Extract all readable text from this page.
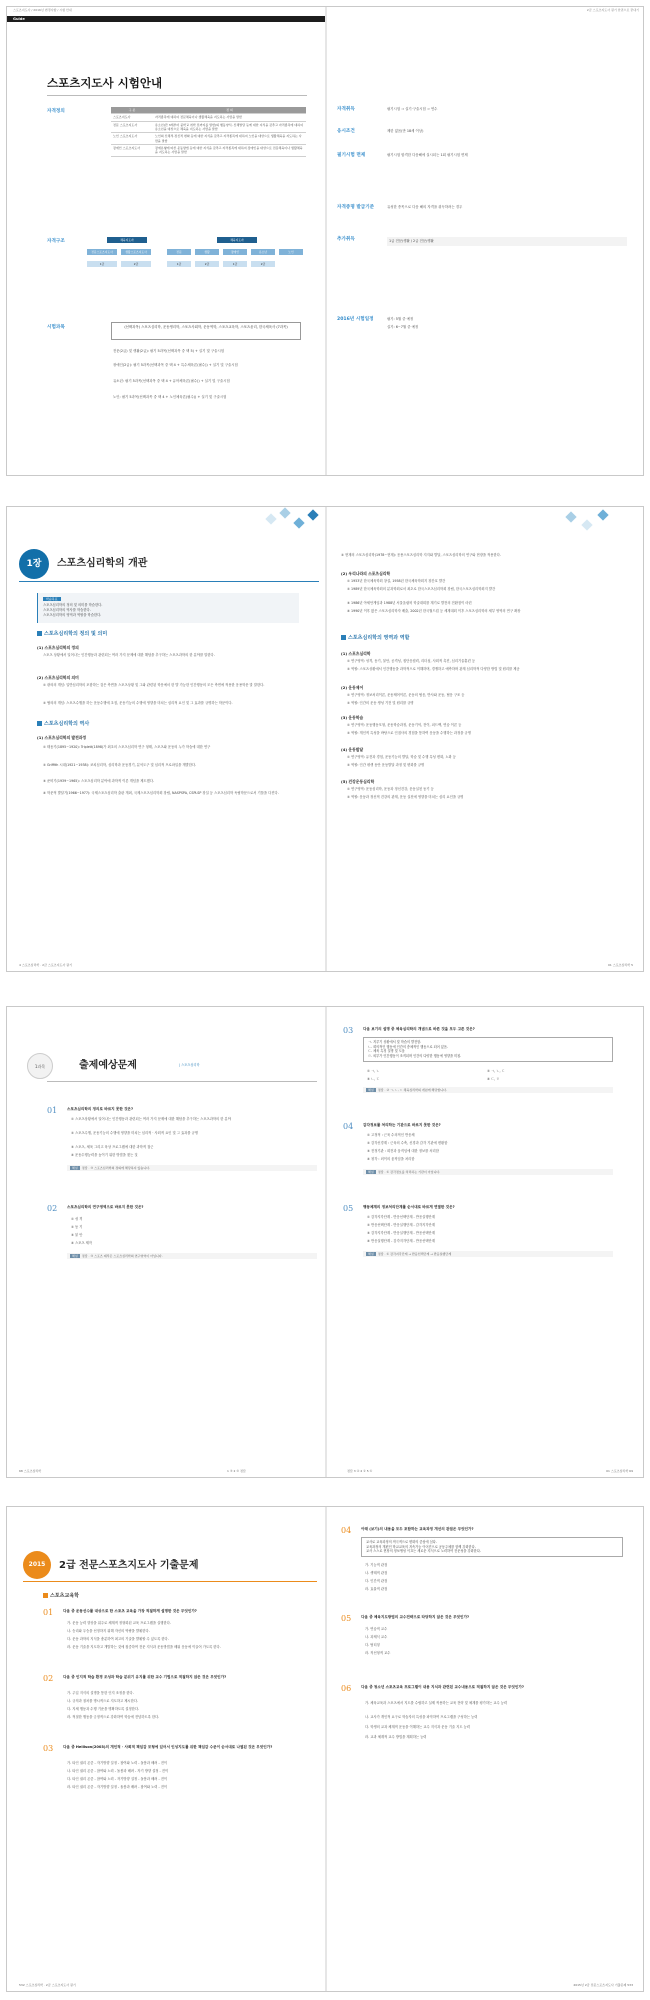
스포츠지도사 / 2016년 변경사항 / 시험 안내
Guide
스포츠지도사 시험안내
자격정의	구 분	정 의
스포츠지도사	자격종목에 대하여 전문체육이나 생활체육을 지도하는 사람을 말함
전문 스포츠지도사	유소년(만 3세부터 중학교 취학 전까지를 말함)의 행동양식, 신체발달 등에 대한 지식을 갖추고 자격종목에 대하여 유소년을 대상으로 체육을 지도하는 사람을 말함
노인 스포츠지도사	노인의 신체적·정신적 변화 등에 대한 지식을 갖추고 자격종목에 대하여 노인을 대상으로 생활체육을 지도하는 사람을 말함
장애인 스포츠지도사	장애유형에 따른 운동방법 등에 대한 지식을 갖추고 자격종목에 대하여 장애인을 대상으로 전문체육이나 생활체육을 지도하는 사람을 말함
자격구조	체육지도자	체육지도자
전문스포츠지도사	생활스포츠지도사	전문	생활	장애인	유소년	노인
1급	2급	1급	2급	1급	2급
시험과목	(선택과목) 스포츠심리학, 운동생리학, 스포츠사회학, 운동역학, 스포츠교육학, 스포츠윤리, 한국체육사 (7과목)
전문(2급) 및 생활(2급): 필기 5과목(선택과목 중 택 5) + 실기 및 구술시험
장애인(2급): 필기 5과목(선택과목 중 택 4 + 특수체육론(필수)) + 실기 및 구술시험
유소년: 필기 5과목(선택과목 중 택 4 + 유아체육론(필수)) + 실기 및 구술시험
노인: 필기 5과목(선택과목 중 택 4 + 노인체육론(필수)) + 실기 및 구술시험
2급 스포츠지도사 필기 한권으로 끝내기
자격취득	필기시험 ⇒ 실기·구술시험 ⇒ 연수
응시조건	제한 없음(만 18세 이상)
필기시험 면제	필기시험 합격한 다음해에 실시되는 1회 필기시험 면제
자격증명 발급기준	유성한 종목으로 다음 해의 자격을 취득하려는 경우
추가취득	1급 전문/생활 / 2급 전문/생활
2016년 시험일정	필기: 5월 중 예정
실기: 6~7월 중 예정
1장	스포츠심리학의 개관
학습목표
스포츠심리학의 정의 및 의미를 학습한다.
스포츠심리학의 역사를 학습한다.
스포츠심리학의 영역과 역할을 학습한다.
스포츠심리학의 정의 및 의미
(1) 스포츠심리학의 정의
스포츠 상황에서 일어나는 인간행동과 관련되는 여러 가지 문제에 대한 해답을 추구하는 스포츠과학의 한 분야를 말한다.
(2) 스포츠심리학의 의미
① 광의의 개념: 일반심리학의 포함하는 것은 측면을 스포츠상황 및 그와 관련된 학문에서 한 발 가능한 인간행동의 모든 측면에 적용한 응용학문 말 말한다.
② 협의의 개념: 스포츠수행을 하는 운동수행에 초점, 운동기능의 수행에 영향을 미치는 심리적 요인 및 그 효과를 규명하는 학문이다.
스포츠심리학의 역사
(1) 스포츠심리학의 발전과정
① 태동기(1895~1920): Triplett(1898)가 최초의 스포츠심리학 연구 형태, 스포츠와 운동의 누가 학습에 대한 연구
② Griffith 시대(1921~1938): 코치심리학, 심리학과 운동경기, 분석도구 및 심리적 프로파일을 개발한다.
③ 준비기(1939~1965): 스포츠심리학 분야에 과학적 이론 개념을 제도했다.
④ 학문적 발달기(1966~1977): 국제스포츠심리학 출판 개최, 국제스포츠심리학회 창립, NASPSPA, CSPLSP 창설 등 스포츠심리학 독립학문으로서 기틀을 다진다.
4 스포츠심리학 · 2급 스포츠지도사 필기
⑤ 현재의 스포츠심리학(1978~현재): 응용스포츠심리학 지지와 발달, 스포츠심리학의 연구와 현장을 적용한다.
(2) 우리나라의 스포츠심리학
① 1953년 한국체육학회 창설, 1958년 한국체육학회지 창간호 발간
② 1989년 한국체육학회의 분과학회로서 최초로 한국스포츠심리학회 창립, 한국스포츠심리학회지 발간
③ 1986년 아세안게임과 1988년 서울올림픽 학술대회를 계기로 발전의 전환점이 마련
④ 1990년 이후 많은 스포츠심리학자 배출, 2002년 한국월드컵 등 세계대회 이후 스포츠심리학의 세부 영역의 연구 확장
스포츠심리학의 영역과 역할
(1) 스포츠심리학
① 연구영역: 성격, 동기, 불안, 공격성, 집단응집력, 리더십, 사회적 촉진, 심리기술훈련 등
② 역할: 스포츠상황에서 인간행동을 과학적으로 이해하며, 경쟁하고 예측하며 관계 심리학적 다양한 방법 및 원리를 제공
(2) 운동제어
① 연구영역: 정보처리이론, 운동제어이론, 운동의 협응, 반사와 운동, 협응 구조 등
② 역할: 인간의 운동 생성 기전 및 원리를 규명
(3) 운동학습
① 연구영역: 운동행동모형, 운동학습과정, 운동기억, 전이, 피드백, 연습 이론 등
② 역할: 개인적 특성을 바탕으로 인접사의 경험을 통하여 운동을 수행하는 과정을 규명
(4) 운동발달
① 연구영역: 유전과 경험, 운동기능의 발달, 학습 및 수행 특성 변화, 노화 등
② 역할: 인간 평생 동안 운동발달 과정 및 변화를 규명
(5) 건강운동심리학
① 연구영역: 운동심리학, 운동과 정신건강, 운동실천 동기 등
② 역할: 운동과 정신적 건강의 관계, 운동 실천에 영향을 미치는 심리 요인을 규명
01 스포츠심리학 5
1과목	출제예상문제	| 스포츠심리학
01	스포츠심리학의 정의로 바르지 못한 것은?
① 스포츠상황에서 일어나는 인간행동과 관련되는 여러 가지 문제에 대한 해답을 추구하는 스포츠과학의 한 분야
② 스포츠수행, 운동기능의 수행에 영향을 미치는 심리적 · 사회적 요인 및 그 효과를 규명
③ 스포츠, 체육 그리고 육상 프로그램에 대한 과학적 접근
④ 운동수행능력을 높이기 위한 방법을 찾는 것
해설 정답 · ③ 스포츠심리학의 정의에 해당하지 않습니다.
02	스포츠심리학의 연구영역으로 바르지 못한 것은?
① 성 격
② 동 기
③ 불 안
④ 스포츠 제작
해설 정답 · ④ 스포츠 제작은 스포츠심리학의 연구영역이 아닙니다.
68 스포츠심리학	1 ③ 2 ④ 정답
03	다음 보기의 설명 중 체육심리학의 개념으로 바른 것을 모두 고른 것은?
ㄱ. 지루기 상황에서 및 학습의 발전함.
ㄴ. 회의적인 행동에 인간의 총체적인 행동으로 되어 있음.
ㄷ. 체육 특징 설명 및 도움
ㄹ. 외부가 인간행동이 조직되며 인간의 다양한 행동에 영향을 미침.
① ㄱ, ㄴ	② ㄱ, ㄴ, ㄷ
③ ㄴ, ㄷ	④ ㄷ, ㄹ
해설 정답 · ② ㄱ, ㄴ, ㄷ 체육심리학의 개념에 해당합니다.
04	감각정보를 처리하는 기관으로 바르지 못한 것은?
① 고정적 : 근육 수의적인 반응체
② 감각신경계 : 근육의 수축, 신경과 감각 기관에 변환함
③ 전정기관 : 회전과 움직임에 대한 정보를 처리함
④ 청각 : 외이의 움직임을 처리함
해설 정답 · ① 감각정보를 처리하는 기관이 아닙니다.
05	행동체계의 정보처리단계를 순서대로 바르게 연결한 것은?
① 감각지각단계 - 반응선택단계 - 반응실행단계
② 반응선택단계 - 반응실행단계 - 감각지각단계
③ 감각지각단계 - 반응실행단계 - 반응선택단계
④ 반응실행단계 - 감각지각단계 - 반응선택단계
해설 정답 · ① 감각지각단계 → 반응선택단계 → 반응실행단계
정답 3 ② 4 ① 5 ①	01 스포츠심리학 69
2015	2급 전문스포츠지도사 기출문제
스포츠교육학
01	다음 중 운동선수를 대상으로 한 스포츠 교육을 가장 적절하게 설명한 것은 무엇인가?
가. 운동 능력 향상을 위주로 체계적 정형화된 교육 프로그램을 실행한다.
나. 승리와 우승을 선정하지 위해 자신의 역량을 발휘한다.
다. 운동 과학의 지식을 충분하여 최고의 기술을 발휘할 수 있도록 한다.
라. 운동 기술을 지도하고 개발하는 것에 집중하여 전문 지식과 운동방법을 배워 운동에 이끌어 가도록 한다.
02	다음 중 인지적 학습 환경 조성과 학습 분위기 유지를 위한 교수 기법으로 적절하지 않은 것은 무엇인가?
가. 주입 지식의 설명을 통한 인지 조정을 한다.
나. 규칙과 절차를 명시적으로 지도하고 제시한다.
다. 지체 행동과 수행 기준을 명확하도록 설정한다.
라. 적절한 행동을 긍정적으로 강화하여 학습에 전념하도록 한다.
03	다음 중 Hellison(2003)의 개인적 · 사회적 책임감 모형에 있어서 인성지도를 위한 책임감 수준이 순서대로 나열된 것은 무엇인가?
가. 타인 권리 존중 - 자기방향 설정 - 참여와 노력 - 돌봄과 배려 - 전이
나. 타인 권리 존중 - 참여와 노력 - 돌봄과 배려 - 자기 방향 설정 - 전이
다. 타인 권리 존중 - 참여와 노력 - 자기방향 설정 - 돌봄과 배려 - 전이
라. 타인 권리 존중 - 자기방향 설정 - 돌봄과 배려 - 참여와 노력 - 전이
532 스포츠심리학 · 2급 스포츠지도사 필기
04	아래 (보기)의 내용을 모두 포함하는 교육과정 개선의 관점은 무엇인가?
교사로 교육과정의 적극적으로 변화의 중심에 섬다.
교육과정의 개편인 학교교육의 지속가능 이어진으로 공동주체를 함께 강화한다.
교사 스스로 현장의 정보생성 이끄는 새로운 지식으로 노력하여 전문성을 강화한다.
가. 기능적 관점
나. 생태적 관점
다. 인간적 관점
라. 효율적 관점
05	다음 중 체육지도방법의 교수전략으로 타당하지 않은 것은 무엇인가?
가. 연습적 교수
나. 과제식 교수
다. 팀티칭
라. 직선형적 교수
06	다음 중 청소년 스포츠교육 프로그램이 내용 지식과 관련된 교수내용으로 적절하지 않은 것은 무엇인가?
가. 체육교육과 스포츠에서 지도를 수립하고 실제 적용하는 교육 전략 및 체계를 평가하는 교수 능력
나. 교사가 개인적 요구로 학습자의 특성을 파악하여 프로그램을 구성하는 능력
다. 학생의 교과 체계적 운동을 이해하는 교수 지식과 운동 기술 지도 능력
라. 교과 체계적 교수 방법을 계획하는 능력
2015년 2급 전문스포츠지도사 기출문제 533
